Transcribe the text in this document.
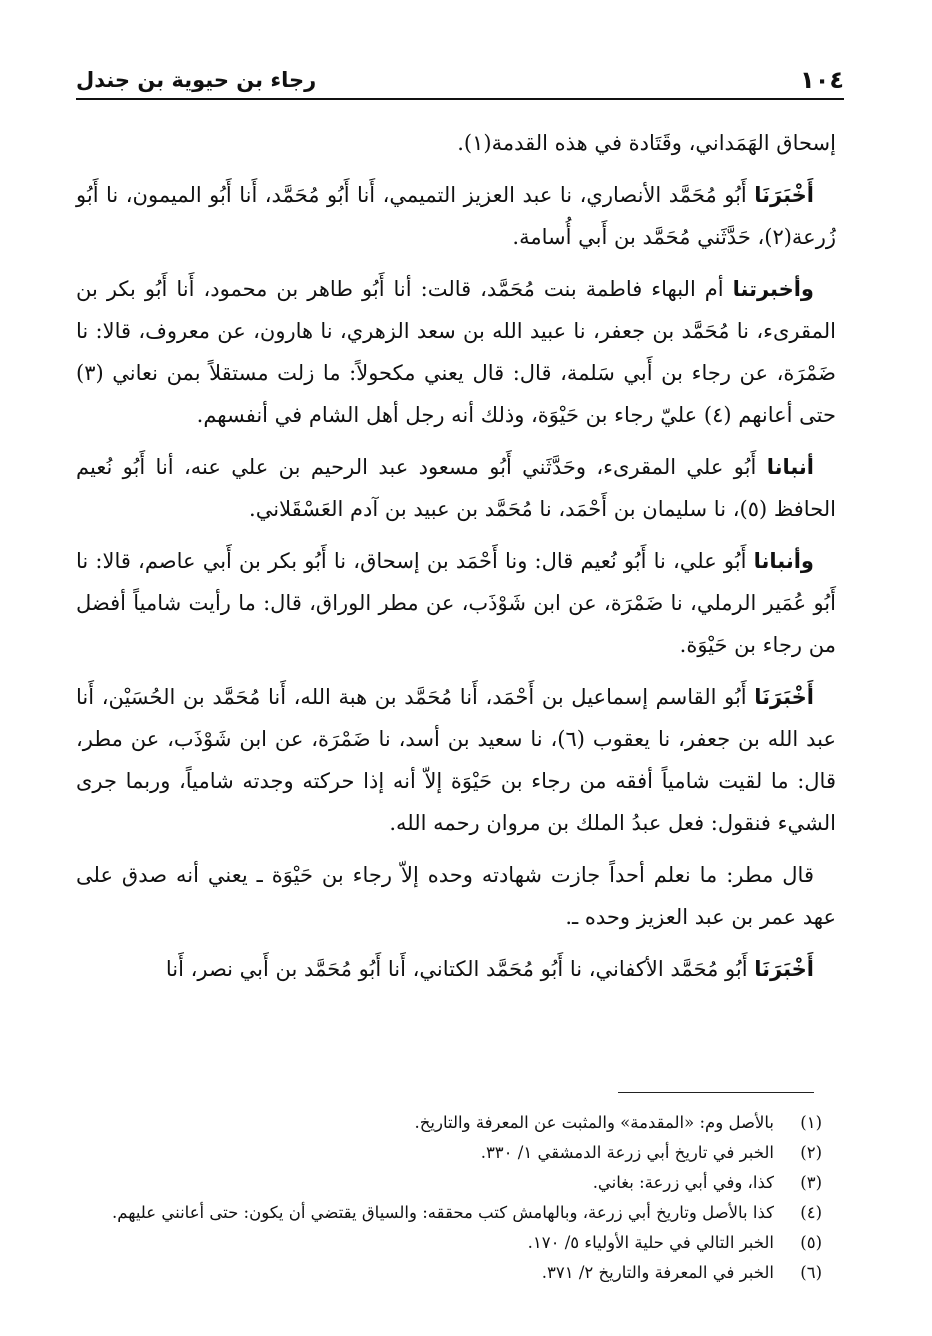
١٠٤
رجاء بن حيوية بن جندل

إسحاق الهَمَداني، وقَتَادة في هذه القدمة(١).

أَخْبَرَنَا أَبُو مُحَمَّد الأنصاري، نا عبد العزيز التميمي، أَنا أَبُو مُحَمَّد، أَنا أَبُو الميمون، نا أَبُو زُرعة(٢)، حَدَّثَني مُحَمَّد بن أَبي أُسامة.

وأخبرتنا أم البهاء فاطمة بنت مُحَمَّد، قالت: أنا أَبُو طاهر بن محمود، أَنا أَبُو بكر بن المقرىء، نا مُحَمَّد بن جعفر، نا عبيد الله بن سعد الزهري، نا هارون، عن معروف، قالا: نا ضَمْرَة، عن رجاء بن أَبي سَلمة، قال: قال يعني مكحولاً: ما زلت مستقلاً بمن نعاني (٣) حتى أعانهم (٤) عليّ رجاء بن حَيْوَة، وذلك أنه رجل أهل الشام في أنفسهم.

أنبانا أَبُو علي المقرىء، وحَدَّثَني أَبُو مسعود عبد الرحيم بن علي عنه، أنا أَبُو نُعيم الحافظ (٥)، نا سليمان بن أَحْمَد، نا مُحَمَّد بن عبيد بن آدم العَسْقَلاني.

وأنبانا أَبُو علي، نا أَبُو نُعيم قال: ونا أَحْمَد بن إسحاق، نا أَبُو بكر بن أَبي عاصم، قالا: نا أَبُو عُمَير الرملي، نا ضَمْرَة، عن ابن شَوْذَب، عن مطر الوراق، قال: ما رأيت شامياً أفضل من رجاء بن حَيْوَة.

أَخْبَرَنَا أَبُو القاسم إسماعيل بن أَحْمَد، أَنا مُحَمَّد بن هبة الله، أَنا مُحَمَّد بن الحُسَيْن، أَنا عبد الله بن جعفر، نا يعقوب (٦)، نا سعيد بن أسد، نا ضَمْرَة، عن ابن شَوْذَب، عن مطر، قال: ما لقيت شامياً أفقه من رجاء بن حَيْوَة إلاّ أنه إذا حركته وجدته شامياً، وربما جرى الشيء فنقول: فعل عبدُ الملك بن مروان رحمه الله.

قال مطر: ما نعلم أحداً جازت شهادته وحده إلاّ رجاء بن حَيْوَة ـ يعني أنه صدق على عهد عمر بن عبد العزيز وحده ـ.

أَخْبَرَنَا أَبُو مُحَمَّد الأكفاني، نا أَبُو مُحَمَّد الكتاني، أَنا أَبُو مُحَمَّد بن أَبي نصر، أَنا

(١)
بالأصل وم: «المقدمة» والمثبت عن المعرفة والتاريخ.
(٢)
الخبر في تاريخ أبي زرعة الدمشقي ١/ ٣٣٠.
(٣)
كذا، وفي أبي زرعة: بغاني.
(٤)
كذا بالأصل وتاريخ أبي زرعة، وبالهامش كتب محققه: والسياق يقتضي أن يكون: حتى أعانني عليهم.
(٥)
الخبر التالي في حلية الأولياء ٥/ ١٧٠.
(٦)
الخبر في المعرفة والتاريخ ٢/ ٣٧١.
